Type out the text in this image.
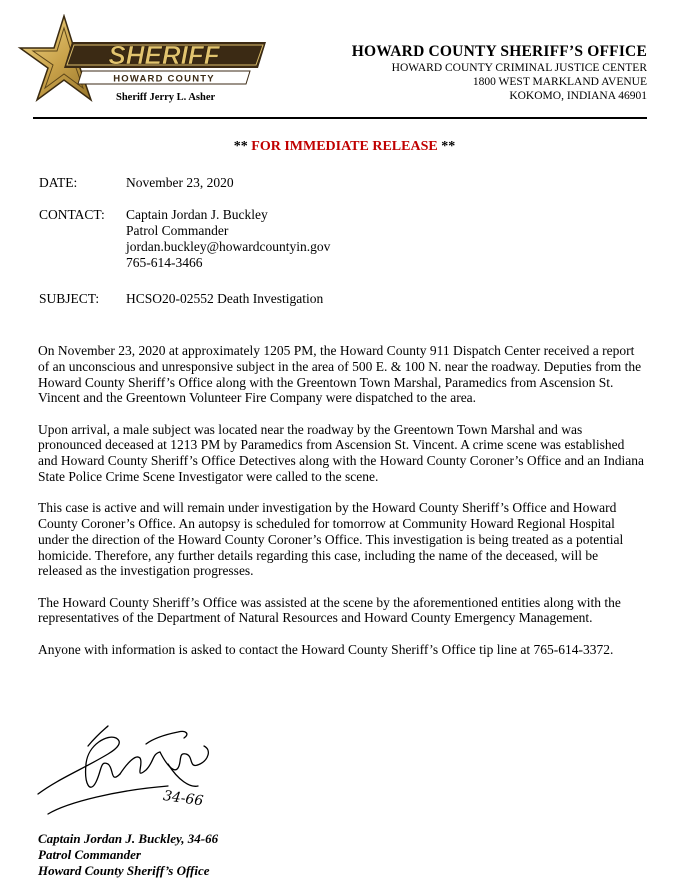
SHERIFF
HOWARD COUNTY
Sheriff Jerry L. Asher
HOWARD COUNTY SHERIFF’S OFFICE
HOWARD COUNTY CRIMINAL JUSTICE CENTER
1800 WEST MARKLAND AVENUE
KOKOMO, INDIANA 46901
** FOR IMMEDIATE RELEASE **
DATE:	November 23, 2020
CONTACT:	Captain Jordan J. Buckley
Patrol Commander
jordan.buckley@howardcountyin.gov
765-614-3466
SUBJECT:	HCSO20-02552 Death Investigation

On November 23, 2020 at approximately 1205 PM, the Howard County 911 Dispatch Center received a report of an unconscious and unresponsive subject in the area of 500 E. & 100 N. near the roadway. Deputies from the Howard County Sheriff’s Office along with the Greentown Town Marshal, Paramedics from Ascension St. Vincent and the Greentown Volunteer Fire Company were dispatched to the area.

Upon arrival, a male subject was located near the roadway by the Greentown Town Marshal and was pronounced deceased at 1213 PM by Paramedics from Ascension St. Vincent. A crime scene was established and Howard County Sheriff’s Office Detectives along with the Howard County Coroner’s Office and an Indiana State Police Crime Scene Investigator were called to the scene.

This case is active and will remain under investigation by the Howard County Sheriff’s Office and Howard County Coroner’s Office. An autopsy is scheduled for tomorrow at Community Howard Regional Hospital under the direction of the Howard County Coroner’s Office. This investigation is being treated as a potential homicide. Therefore, any further details regarding this case, including the name of the deceased, will be released as the investigation progresses.

The Howard County Sheriff’s Office was assisted at the scene by the aforementioned entities along with the representatives of the Department of Natural Resources and Howard County Emergency Management.

Anyone with information is asked to contact the Howard County Sheriff’s Office tip line at 765-614-3372.

34-66
Captain Jordan J. Buckley, 34-66
Patrol Commander
Howard County Sheriff’s Office
